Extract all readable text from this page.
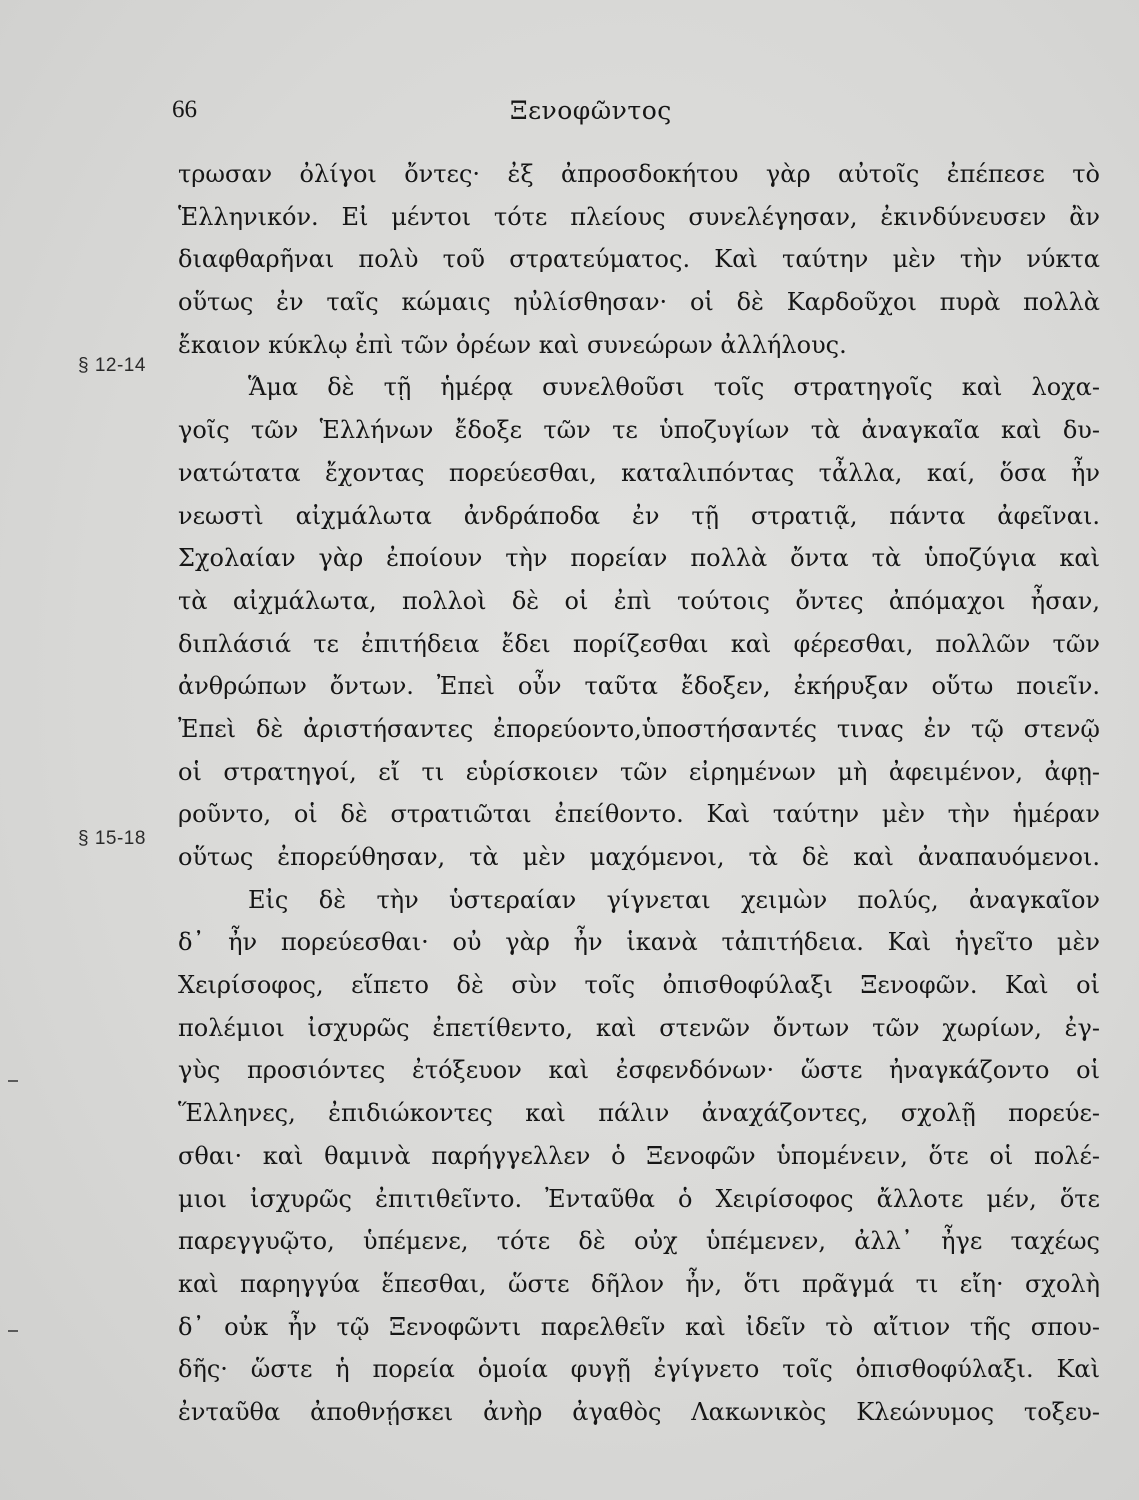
66	Ξενοφῶντος
§ 12-14
§ 15-18
τρωσαν ὀλίγοι ὄντες· ἐξ ἀπροσδοκήτου γὰρ αὐτοῖς ἐπέπεσε τὸ
Ἑλληνικόν. Εἰ μέντοι τότε πλείους συνελέγησαν, ἐκινδύνευσεν ἂν
διαφθαρῆναι πολὺ τοῦ στρατεύματος. Καὶ ταύτην μὲν τὴν νύκτα
οὕτως ἐν ταῖς κώμαις ηὐλίσθησαν· οἱ δὲ Καρδοῦχοι πυρὰ πολλὰ
ἔκαιον κύκλῳ ἐπὶ τῶν ὀρέων καὶ συνεώρων ἀλλήλους.
Ἅμα δὲ τῇ ἡμέρᾳ συνελθοῦσι τοῖς στρατηγοῖς καὶ λοχα-
γοῖς τῶν Ἑλλήνων ἔδοξε τῶν τε ὑποζυγίων τὰ ἀναγκαῖα καὶ δυ-
νατώτατα ἔχοντας πορεύεσθαι, καταλιπόντας τἆλλα, καί, ὅσα ἦν
νεωστὶ αἰχμάλωτα ἀνδράποδα ἐν τῇ στρατιᾷ, πάντα ἀφεῖναι.
Σχολαίαν γὰρ ἐποίουν τὴν πορείαν πολλὰ ὄντα τὰ ὑποζύγια καὶ
τὰ αἰχμάλωτα, πολλοὶ δὲ οἱ ἐπὶ τούτοις ὄντες ἀπόμαχοι ἦσαν,
διπλάσιά τε ἐπιτήδεια ἔδει πορίζεσθαι καὶ φέρεσθαι, πολλῶν τῶν
ἀνθρώπων ὄντων. Ἐπεὶ οὖν ταῦτα ἔδοξεν, ἐκήρυξαν οὕτω ποιεῖν.
Ἐπεὶ δὲ ἀριστήσαντες ἐπορεύοντο,ὑποστήσαντές τινας ἐν τῷ στενῷ
οἱ στρατηγοί, εἴ τι εὑρίσκοιεν τῶν εἰρημένων μὴ ἀφειμένον, ἀφῃ-
ροῦντο, οἱ δὲ στρατιῶται ἐπείθοντο. Καὶ ταύτην μὲν τὴν ἡμέραν
οὕτως ἐπορεύθησαν, τὰ μὲν μαχόμενοι, τὰ δὲ καὶ ἀναπαυόμενοι.
Εἰς δὲ τὴν ὑστεραίαν γίγνεται χειμὼν πολύς, ἀναγκαῖον
δ᾽ ἦν πορεύεσθαι· οὐ γὰρ ἦν ἱκανὰ τἀπιτήδεια. Καὶ ἡγεῖτο μὲν
Χειρίσοφος, εἵπετο δὲ σὺν τοῖς ὀπισθοφύλαξι Ξενοφῶν. Καὶ οἱ
πολέμιοι ἰσχυρῶς ἐπετίθεντο, καὶ στενῶν ὄντων τῶν χωρίων, ἐγ-
γὺς προσιόντες ἐτόξευον καὶ ἐσφενδόνων· ὥστε ἠναγκάζοντο οἱ
Ἕλληνες, ἐπιδιώκοντες καὶ πάλιν ἀναχάζοντες, σχολῇ πορεύε-
σθαι· καὶ θαμινὰ παρήγγελλεν ὁ Ξενοφῶν ὑπομένειν, ὅτε οἱ πολέ-
μιοι ἰσχυρῶς ἐπιτιθεῖντο. Ἐνταῦθα ὁ Χειρίσοφος ἄλλοτε μέν, ὅτε
παρεγγυῷτο, ὑπέμενε, τότε δὲ οὐχ ὑπέμενεν, ἀλλ᾽ ἦγε ταχέως
καὶ παρηγγύα ἕπεσθαι, ὥστε δῆλον ἦν, ὅτι πρᾶγμά τι εἴη· σχολὴ
δ᾽ οὐκ ἦν τῷ Ξενοφῶντι παρελθεῖν καὶ ἰδεῖν τὸ αἴτιον τῆς σπου-
δῆς· ὥστε ἡ πορεία ὁμοία φυγῇ ἐγίγνετο τοῖς ὀπισθοφύλαξι. Καὶ
ἐνταῦθα ἀποθνῄσκει ἀνὴρ ἀγαθὸς Λακωνικὸς Κλεώνυμος τοξευ-
